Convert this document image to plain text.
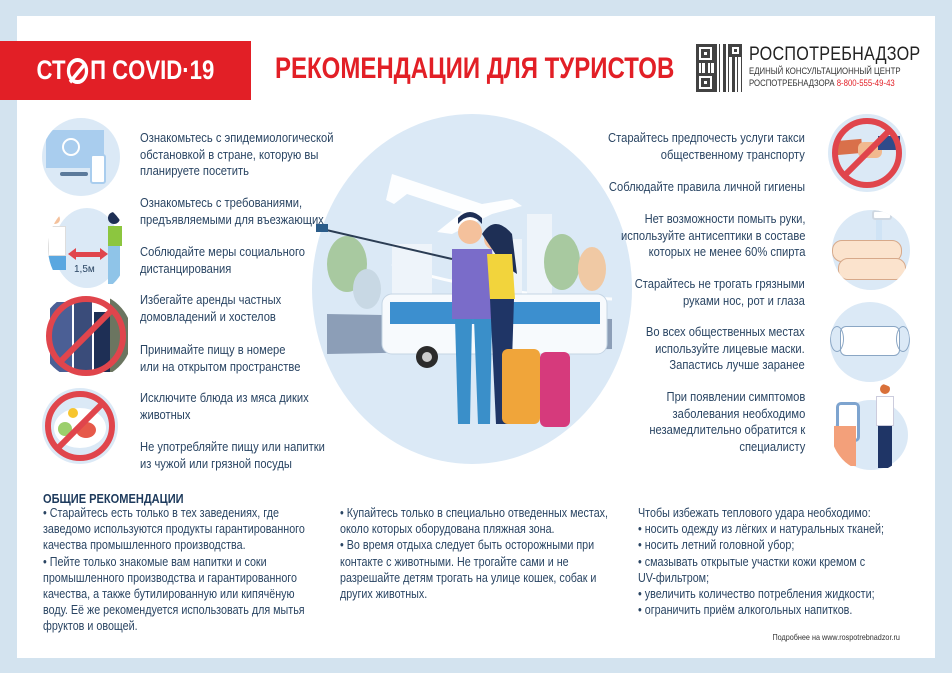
СТ П COVID·19 РЕКОМЕНДАЦИИ ДЛЯ ТУРИСТОВ	РОСПОТРЕБНАДЗОР
ЕДИНЫЙ КОНСУЛЬТАЦИОННЫЙ ЦЕНТР
РОСПОТРЕБНАДЗОРА 8-800-555-49-43
1,5м
Ознакомьтесь с эпидемиологической
обстановкой в стране, которую вы
планируете посетить
Ознакомьтесь с требованиями,
предъявляемыми для въезжающих
Соблюдайте меры социального
дистанцирования
Избегайте аренды частных
домовладений и хостелов
Принимайте пищу в номере
или на открытом пространстве
Исключите блюда из мяса диких
животных
Не употребляйте пищу или напитки
из чужой или грязной посуды
Старайтесь предпочесть услуги такси
общественному транспорту
Соблюдайте правила личной гигиены
Нет возможности помыть руки,
используйте антисептики в составе
которых не менее 60% спирта
Старайтесь не трогать грязными
руками нос, рот и глаза
Во всех общественных местах
используйте лицевые маски.
Запастись лучше заранее
При появлении симптомов
заболевания необходимо
незамедлительно обратится к
специалисту
ОБЩИЕ РЕКОМЕНДАЦИИ

• Старайтесь есть только в тех заведениях, где

заведомо используются продукты гарантированного

качества промышленного производства.

• Пейте только знакомые вам напитки и соки

промышленного производства и гарантированного

качества, а также бутилированную или кипячёную

воду. Её же рекомендуется использовать для мытья

фруктов и овощей.

• Купайтесь только в специально отведенных местах,

около которых оборудована пляжная зона.

• Во время отдыха следует быть осторожными при

контакте с животными. Не трогайте сами и не

разрешайте детям трогать на улице кошек, собак и

других животных.

Чтобы избежать теплового удара необходимо:

• носить одежду из лёгких и натуральных тканей;

• носить летний головной убор;

• смазывать открытые участки кожи кремом с

UV-фильтром;

• увеличить количество потребления жидкости;

• ограничить приём алкогольных напитков.

Подробнее на www.rospotrebnadzor.ru
